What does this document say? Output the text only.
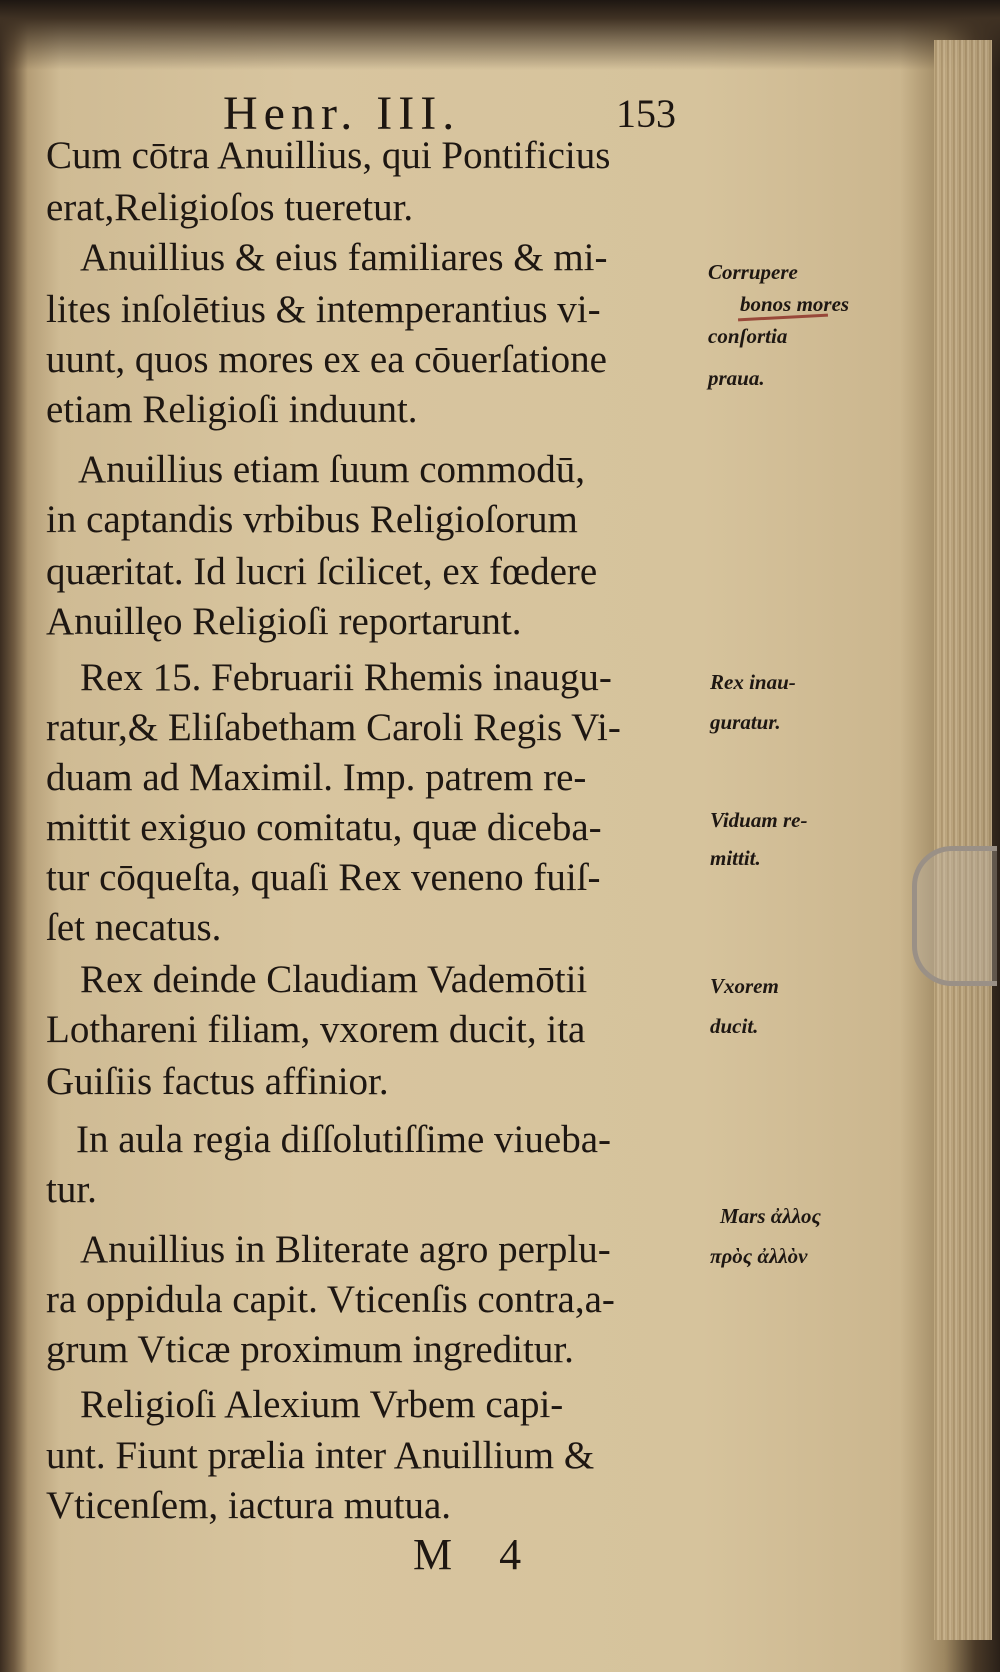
Henr. III.	153
Cum cōtra Anuillius, qui Pontificius
erat,Religioſos tueretur.
Anuillius & eius familiares & mi-
lites inſolētius & intemperantius vi-
uunt, quos mores ex ea cōuerſatione
etiam Religioſi induunt.
Anuillius etiam ſuum commodū,
in captandis vrbibus Religioſorum
quæritat. Id lucri ſcilicet, ex fœdere
Anuillęo Religioſi reportarunt.
Rex 15. Februarii Rhemis inaugu-
ratur,& Eliſabetham Caroli Regis Vi-
duam ad Maximil. Imp. patrem re-
mittit exiguo comitatu, quæ diceba-
tur cōqueſta, quaſi Rex veneno fuiſ-
ſet necatus.
Rex deinde Claudiam Vademōtii
Lothareni filiam, vxorem ducit, ita
Guiſiis factus affinior.
In aula regia diſſolutiſſime viueba-
tur.
Anuillius in Bliterate agro perplu-
ra oppidula capit. Vticenſis contra,a-
grum Vticæ proximum ingreditur.
Religioſi Alexium Vrbem capi-
unt. Fiunt prælia inter Anuillium &
Vticenſem, iactura mutua.
Corrupere
bonos mores
conſortia
praua.
Rex inau-
guratur.
Viduam re-
mittit.
Vxorem
ducit.
Mars ἀλλος
πρὸς ἀλλὸν
M 4
